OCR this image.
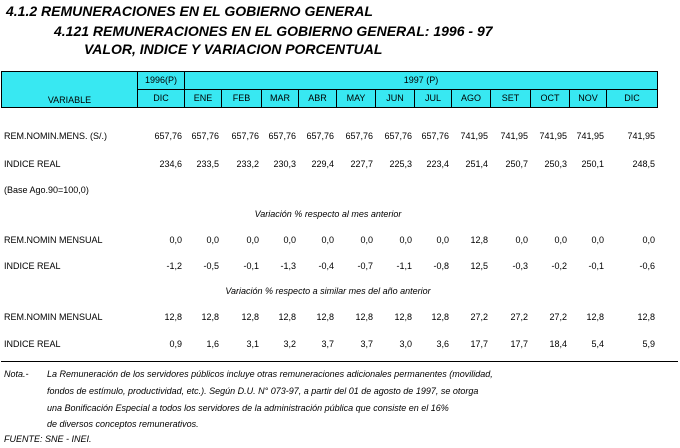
4.1.2 REMUNERACIONES EN EL GOBIERNO GENERAL
4.121 REMUNERACIONES EN EL GOBIERNO GENERAL: 1996 - 97
VALOR, INDICE Y VARIACION PORCENTUAL
VARIABLE	1996(P)	1997 (P)											
	DIC	ENE	FEB	MAR	ABR	MAY	JUN	JUL	AGO	SET	OCT	NOV	DIC
REM.NOMIN.MENS. (S/.)	657,76	657,76	657,76	657,76	657,76	657,76	657,76	657,76	741,95	741,95	741,95	741,95	741,95
INDICE REAL	234,6	233,5	233,2	230,3	229,4	227,7	225,3	223,4	251,4	250,7	250,3	250,1	248,5
(Base Ago.90=100,0)													
Variación % respecto al mes anterior													
REM.NOMIN MENSUAL	0,0	0,0	0,0	0,0	0,0	0,0	0,0	0,0	12,8	0,0	0,0	0,0	0,0
INDICE REAL	-1,2	-0,5	-0,1	-1,3	-0,4	-0,7	-1,1	-0,8	12,5	-0,3	-0,2	-0,1	-0,6
Variación % respecto a similar mes del año anterior													
REM.NOMIN MENSUAL	12,8	12,8	12,8	12,8	12,8	12,8	12,8	12,8	27,2	27,2	27,2	12,8	12,8
INDICE REAL	0,9	1,6	3,1	3,2	3,7	3,7	3,0	3,6	17,7	17,7	18,4	5,4	5,9
Nota.- La Remuneración de los servidores públicos incluye otras remuneraciones adicionales permanentes (movilidad,
fondos de estímulo, productividad, etc.). Según D.U. N° 073-97, a partir del 01 de agosto de 1997, se otorga
una Bonificación Especial a todos los servidores de la administración pública que consiste en el 16%
de diversos conceptos remunerativos.
FUENTE: SNE - INEI.
